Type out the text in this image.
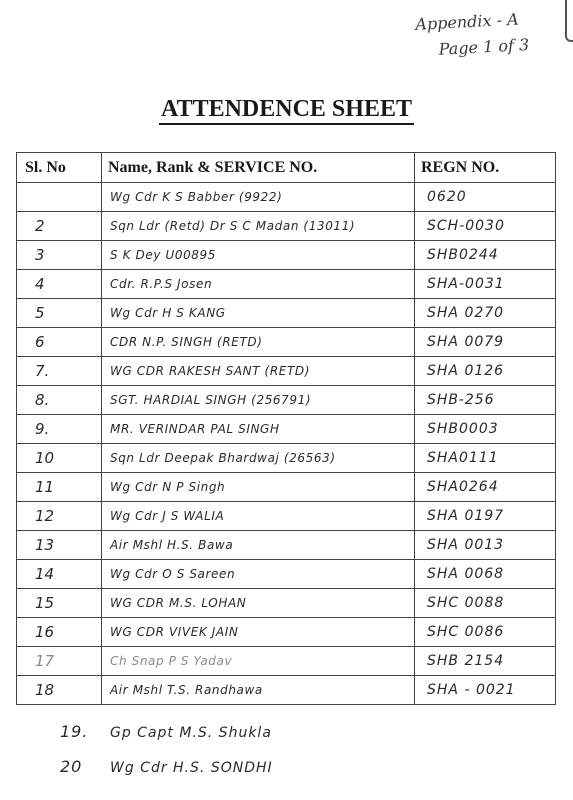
Appendix - A
Page 1 of 3
ATTENDENCE SHEET
Sl. No	Name, Rank & SERVICE NO.	REGN NO.
	Wg Cdr K S Babber (9922)	0620
2	Sqn Ldr (Retd) Dr S C Madan (13011)	SCH-0030
3	S K Dey U00895	SHB0244
4	Cdr. R.P.S Josen	SHA-0031
5	Wg Cdr H S KANG	SHA 0270
6	CDR N.P. SINGH (RETD)	SHA 0079
7.	WG CDR RAKESH SANT (RETD)	SHA 0126
8.	SGT. HARDIAL SINGH (256791)	SHB-256
9.	MR. VERINDAR PAL SINGH	SHB0003
10	Sqn Ldr Deepak Bhardwaj (26563)	SHA0111
11	Wg Cdr N P Singh	SHA0264
12	Wg Cdr J S WALIA	SHA 0197
13	Air Mshl H.S. Bawa	SHA 0013
14	Wg Cdr O S Sareen	SHA 0068
15	WG CDR M.S. LOHAN	SHC 0088
16	WG CDR VIVEK JAIN	SHC 0086
17	Ch Snap P S Yadav	SHB 2154
18	Air Mshl T.S. Randhawa	SHA - 0021
19. Gp Capt M.S. Shukla
20 Wg Cdr H.S. SONDHI
